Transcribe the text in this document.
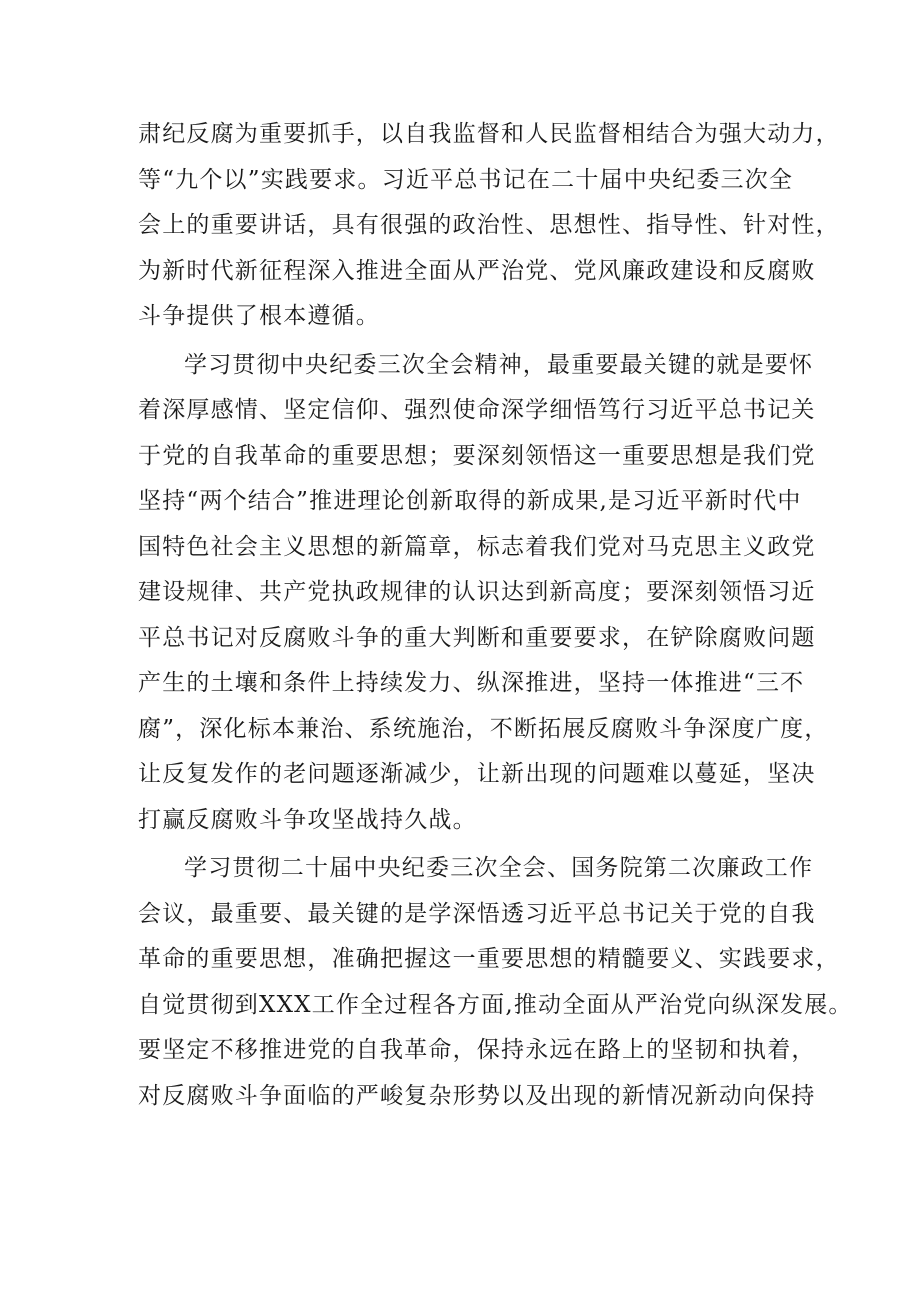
肃纪反腐为重要抓手，以自我监督和人民监督相结合为强大动力，
等“九个以”实践要求。习近平总书记在二十届中央纪委三次全
会上的重要讲话，具有很强的政治性、思想性、指导性、针对性，
为新时代新征程深入推进全面从严治党、党风廉政建设和反腐败
斗争提供了根本遵循。
学习贯彻中央纪委三次全会精神，最重要最关键的就是要怀
着深厚感情、坚定信仰、强烈使命深学细悟笃行习近平总书记关
于党的自我革命的重要思想；要深刻领悟这一重要思想是我们党
坚持“两个结合”推进理论创新取得的新成果,是习近平新时代中
国特色社会主义思想的新篇章，标志着我们党对马克思主义政党
建设规律、共产党执政规律的认识达到新高度；要深刻领悟习近
平总书记对反腐败斗争的重大判断和重要要求，在铲除腐败问题
产生的土壤和条件上持续发力、纵深推进，坚持一体推进“三不
腐”，深化标本兼治、系统施治，不断拓展反腐败斗争深度广度，
让反复发作的老问题逐渐减少，让新出现的问题难以蔓延，坚决
打赢反腐败斗争攻坚战持久战。
学习贯彻二十届中央纪委三次全会、国务院第二次廉政工作
会议，最重要、最关键的是学深悟透习近平总书记关于党的自我
革命的重要思想，准确把握这一重要思想的精髓要义、实践要求，
自觉贯彻到XXX工作全过程各方面,推动全面从严治党向纵深发展。
要坚定不移推进党的自我革命，保持永远在路上的坚韧和执着，
对反腐败斗争面临的严峻复杂形势以及出现的新情况新动向保持
